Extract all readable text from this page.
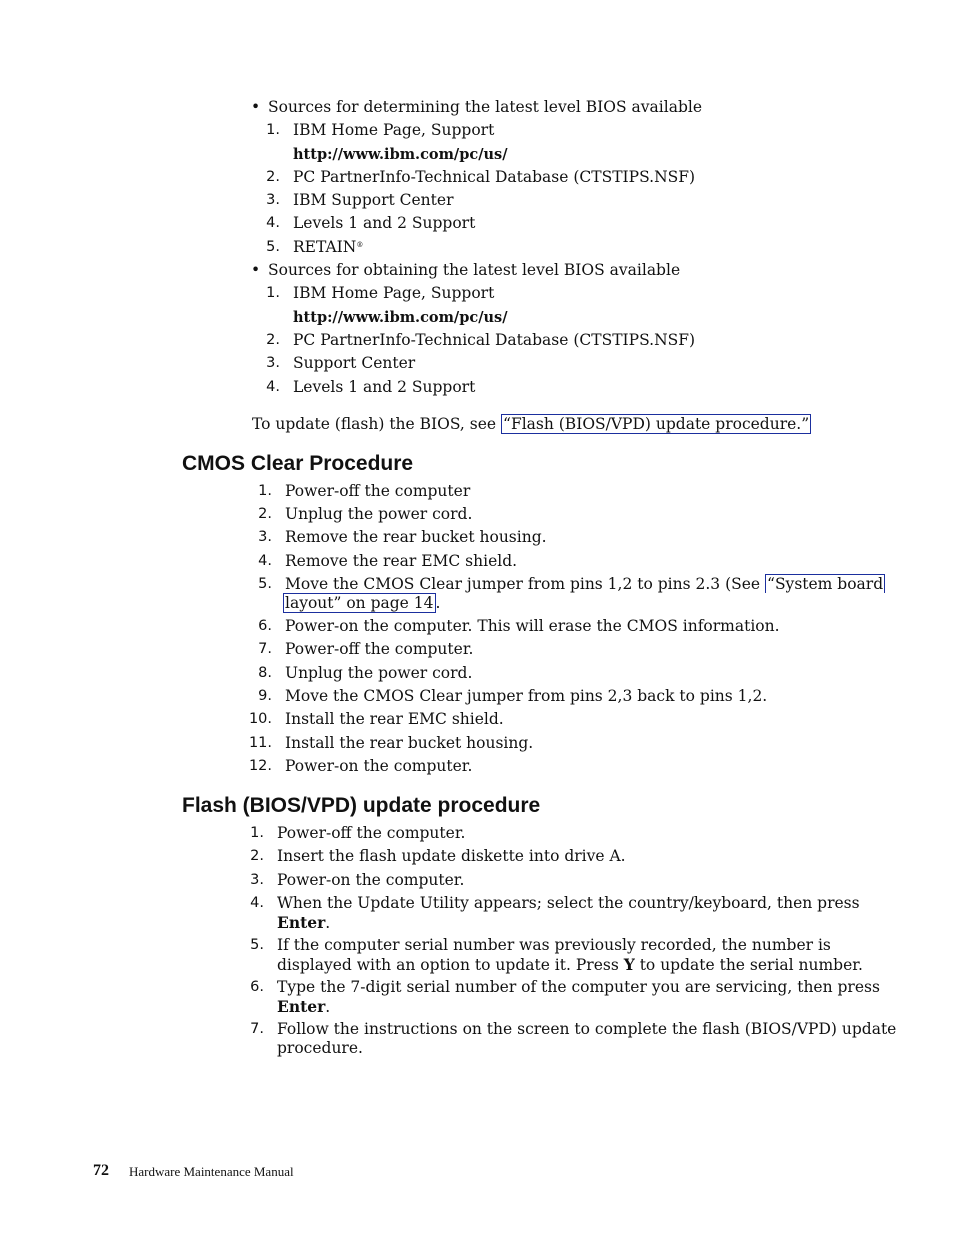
• Sources for determining the latest level BIOS available
1. IBM Home Page, Support
http://www.ibm.com/pc/us/
2. PC PartnerInfo-Technical Database (CTSTIPS.NSF)
3. IBM Support Center
4. Levels 1 and 2 Support
5. RETAIN®
• Sources for obtaining the latest level BIOS available
1. IBM Home Page, Support
http://www.ibm.com/pc/us/
2. PC PartnerInfo-Technical Database (CTSTIPS.NSF)
3. Support Center
4. Levels 1 and 2 Support
To update (flash) the BIOS, see “Flash (BIOS/VPD) update procedure.”
CMOS Clear Procedure
1. Power-off the computer
2. Unplug the power cord.
3. Remove the rear bucket housing.
4. Remove the rear EMC shield.
5. Move the CMOS Clear jumper from pins 1,2 to pins 2.3 (See “System board
layout” on page 14 .
6. Power-on the computer. This will erase the CMOS information.
7. Power-off the computer.
8. Unplug the power cord.
9. Move the CMOS Clear jumper from pins 2,3 back to pins 1,2.
10. Install the rear EMC shield.
11. Install the rear bucket housing.
12. Power-on the computer.
Flash (BIOS/VPD) update procedure
1. Power-off the computer.
2. Insert the flash update diskette into drive A.
3. Power-on the computer.
4. When the Update Utility appears; select the country/keyboard, then press
Enter.
5. If the computer serial number was previously recorded, the number is
displayed with an option to update it. Press Y to update the serial number.
6. Type the 7-digit serial number of the computer you are servicing, then press
Enter.
7. Follow the instructions on the screen to complete the flash (BIOS/VPD) update
procedure.
72 Hardware Maintenance Manual
